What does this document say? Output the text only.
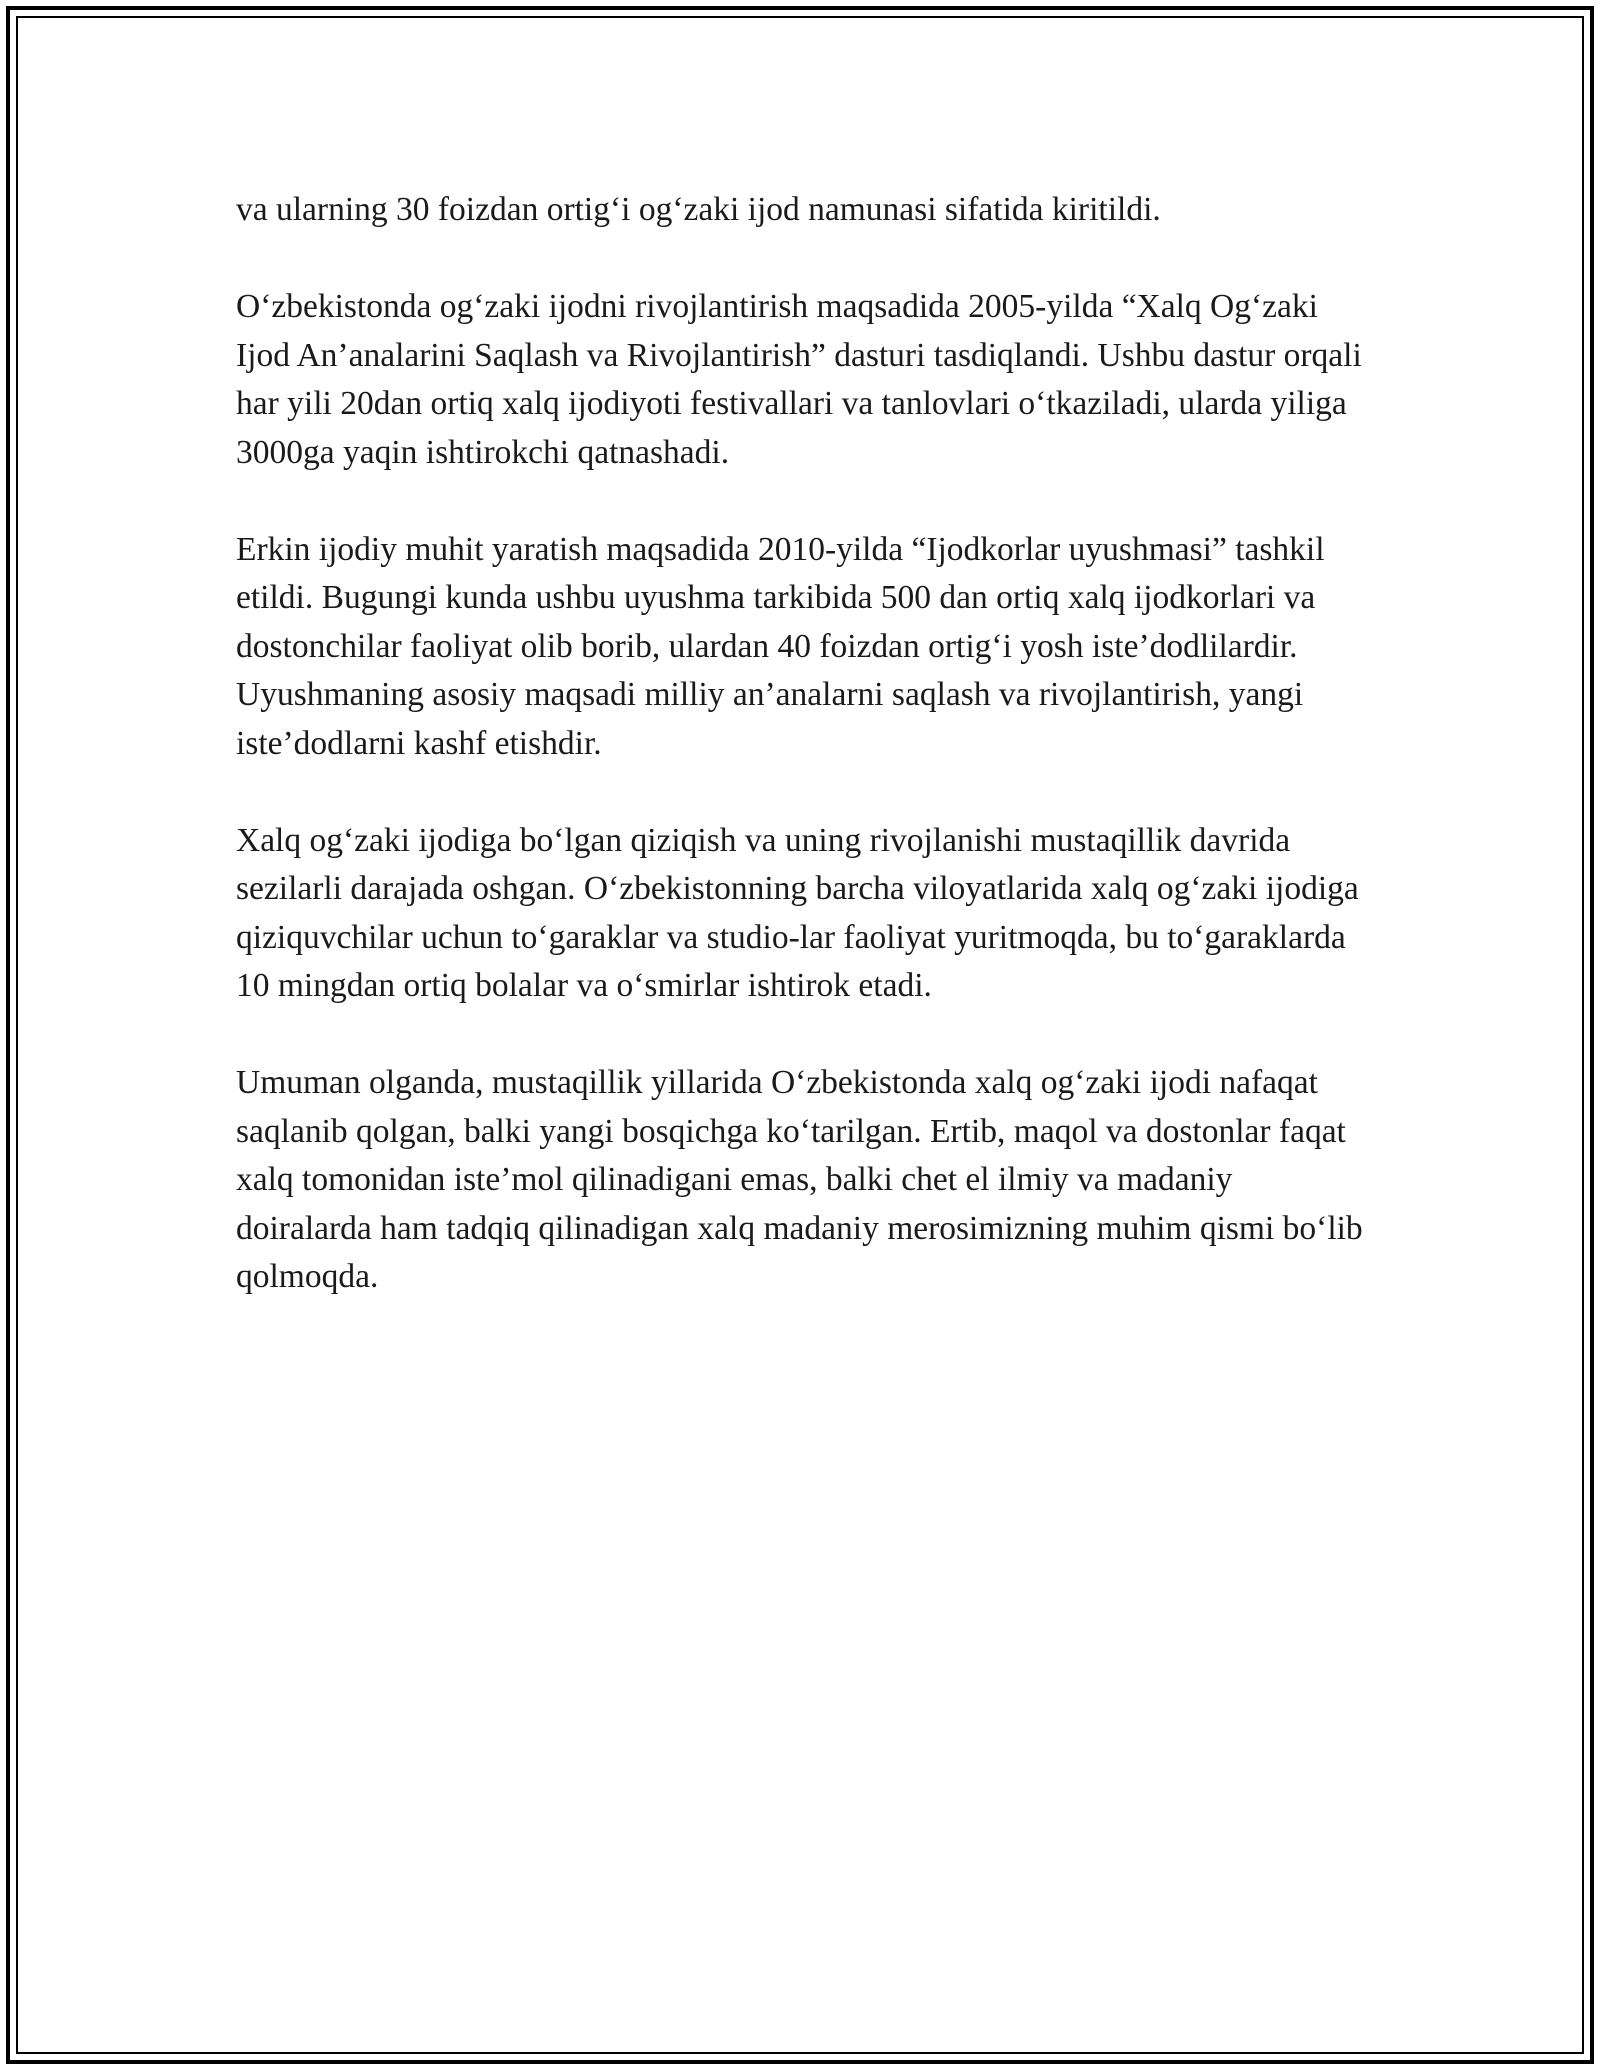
va ularning 30 foizdan ortig‘i og‘zaki ijod namunasi sifatida kiritildi.

O‘zbekistonda og‘zaki ijodni rivojlantirish maqsadida 2005-yilda “Xalq Og‘zaki Ijod An’analarini Saqlash va Rivojlantirish” dasturi tasdiqlandi. Ushbu dastur orqali har yili 20dan ortiq xalq ijodiyoti festivallari va tanlovlari o‘tkaziladi, ularda yiliga 3000ga yaqin ishtirokchi qatnashadi.

Erkin ijodiy muhit yaratish maqsadida 2010-yilda “Ijodkorlar uyushmasi” tashkil etildi. Bugungi kunda ushbu uyushma tarkibida 500 dan ortiq xalq ijodkorlari va dostonchilar faoliyat olib borib, ulardan 40 foizdan ortig‘i yosh iste’dodlilardir. Uyushmaning asosiy maqsadi milliy an’analarni saqlash va rivojlantirish, yangi iste’dodlarni kashf etishdir.

Xalq og‘zaki ijodiga bo‘lgan qiziqish va uning rivojlanishi mustaqillik davrida sezilarli darajada oshgan. O‘zbekistonning barcha viloyatlarida xalq og‘zaki ijodiga qiziquvchilar uchun to‘garaklar va studio-lar faoliyat yuritmoqda, bu to‘garaklarda 10 mingdan ortiq bolalar va o‘smirlar ishtirok etadi.

Umuman olganda, mustaqillik yillarida O‘zbekistonda xalq og‘zaki ijodi nafaqat saqlanib qolgan, balki yangi bosqichga ko‘tarilgan. Ertib, maqol va dostonlar faqat xalq tomonidan iste’mol qilinadigani emas, balki chet el ilmiy va madaniy doiralarda ham tadqiq qilinadigan xalq madaniy merosimizning muhim qismi bo‘lib qolmoqda.
